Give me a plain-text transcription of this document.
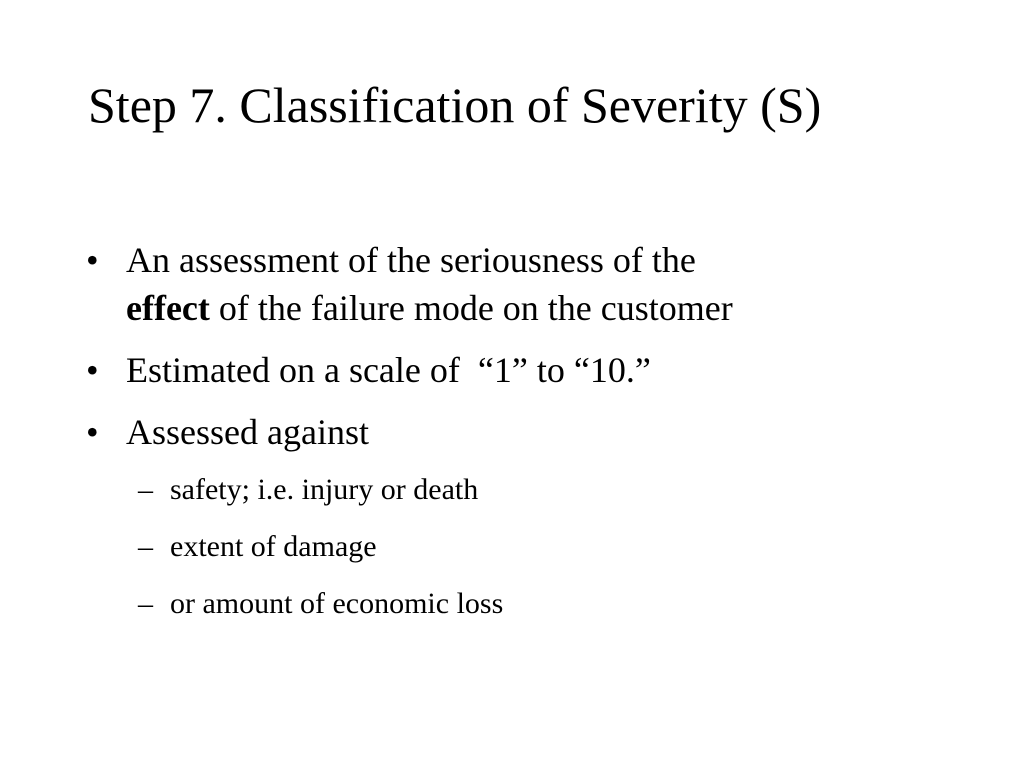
Step 7. Classification of Severity (S)
• An assessment of the seriousness of the
effect of the failure mode on the customer
• Estimated on a scale of  “1” to “10.”
• Assessed against
– safety; i.e. injury or death
– extent of damage
– or amount of economic loss
